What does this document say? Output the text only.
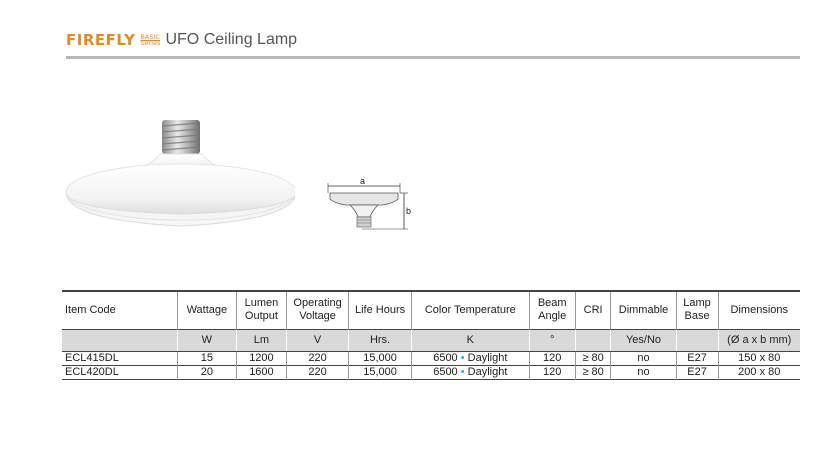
FIREFLY BASIC
Series UFO Ceiling Lamp
a
b
Item Code	Wattage	Lumen Output	Operating Voltage	Life Hours	Color Temperature	Beam Angle	CRI	Dimmable	Lamp Base	Dimensions
	W	Lm	V	Hrs.	K	°		Yes/No		(Ø a x b mm)
ECL415DL	15	1200	220	15,000	6500 • Daylight	120	≥ 80	no	E27	150 x 80
ECL420DL	20	1600	220	15,000	6500 • Daylight	120	≥ 80	no	E27	200 x 80
